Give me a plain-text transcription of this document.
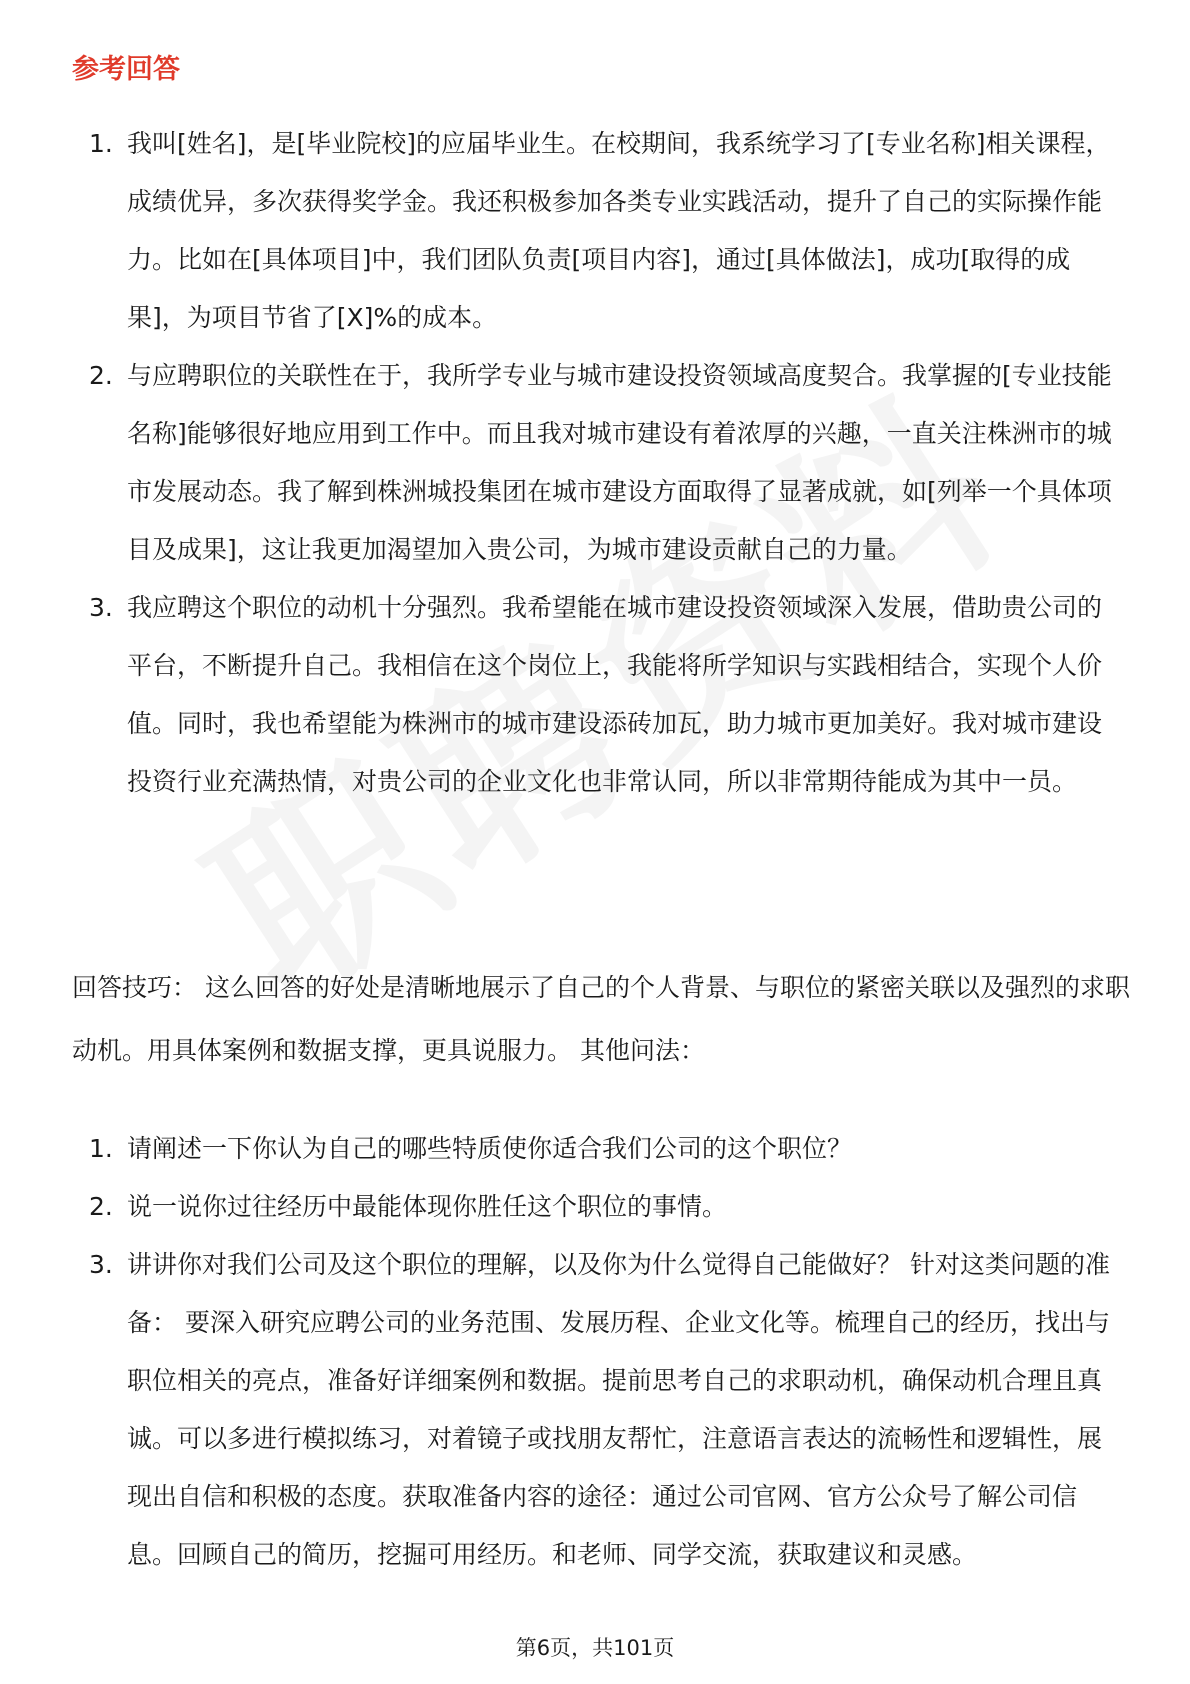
参考回答
1. 我叫[姓名]，是[毕业院校]的应届毕业生。在校期间，我系统学习了[专业名称]相关课程，成绩优异，多次获得奖学金。我还积极参加各类专业实践活动，提升了自己的实际操作能力。比如在[具体项目]中，我们团队负责[项目内容]，通过[具体做法]，成功[取得的成果]，为项目节省了[X]%的成本。
2. 与应聘职位的关联性在于，我所学专业与城市建设投资领域高度契合。我掌握的[专业技能名称]能够很好地应用到工作中。而且我对城市建设有着浓厚的兴趣，一直关注株洲市的城市发展动态。我了解到株洲城投集团在城市建设方面取得了显著成就，如[列举一个具体项目及成果]，这让我更加渴望加入贵公司，为城市建设贡献自己的力量。
3. 我应聘这个职位的动机十分强烈。我希望能在城市建设投资领域深入发展，借助贵公司的平台，不断提升自己。我相信在这个岗位上，我能将所学知识与实践相结合，实现个人价值。同时，我也希望能为株洲市的城市建设添砖加瓦，助力城市更加美好。我对城市建设投资行业充满热情，对贵公司的企业文化也非常认同，所以非常期待能成为其中一员。

回答技巧： 这么回答的好处是清晰地展示了自己的个人背景、与职位的紧密关联以及强烈的求职动机。用具体案例和数据支撑，更具说服力。 其他问法：

1. 请阐述一下你认为自己的哪些特质使你适合我们公司的这个职位？
2. 说一说你过往经历中最能体现你胜任这个职位的事情。
3. 讲讲你对我们公司及这个职位的理解，以及你为什么觉得自己能做好？ 针对这类问题的准备： 要深入研究应聘公司的业务范围、发展历程、企业文化等。梳理自己的经历，找出与职位相关的亮点，准备好详细案例和数据。提前思考自己的求职动机，确保动机合理且真诚。可以多进行模拟练习，对着镜子或找朋友帮忙，注意语言表达的流畅性和逻辑性，展现出自信和积极的态度。获取准备内容的途径：通过公司官网、官方公众号了解公司信息。回顾自己的简历，挖掘可用经历。和老师、同学交流，获取建议和灵感。
第6页，共101页
